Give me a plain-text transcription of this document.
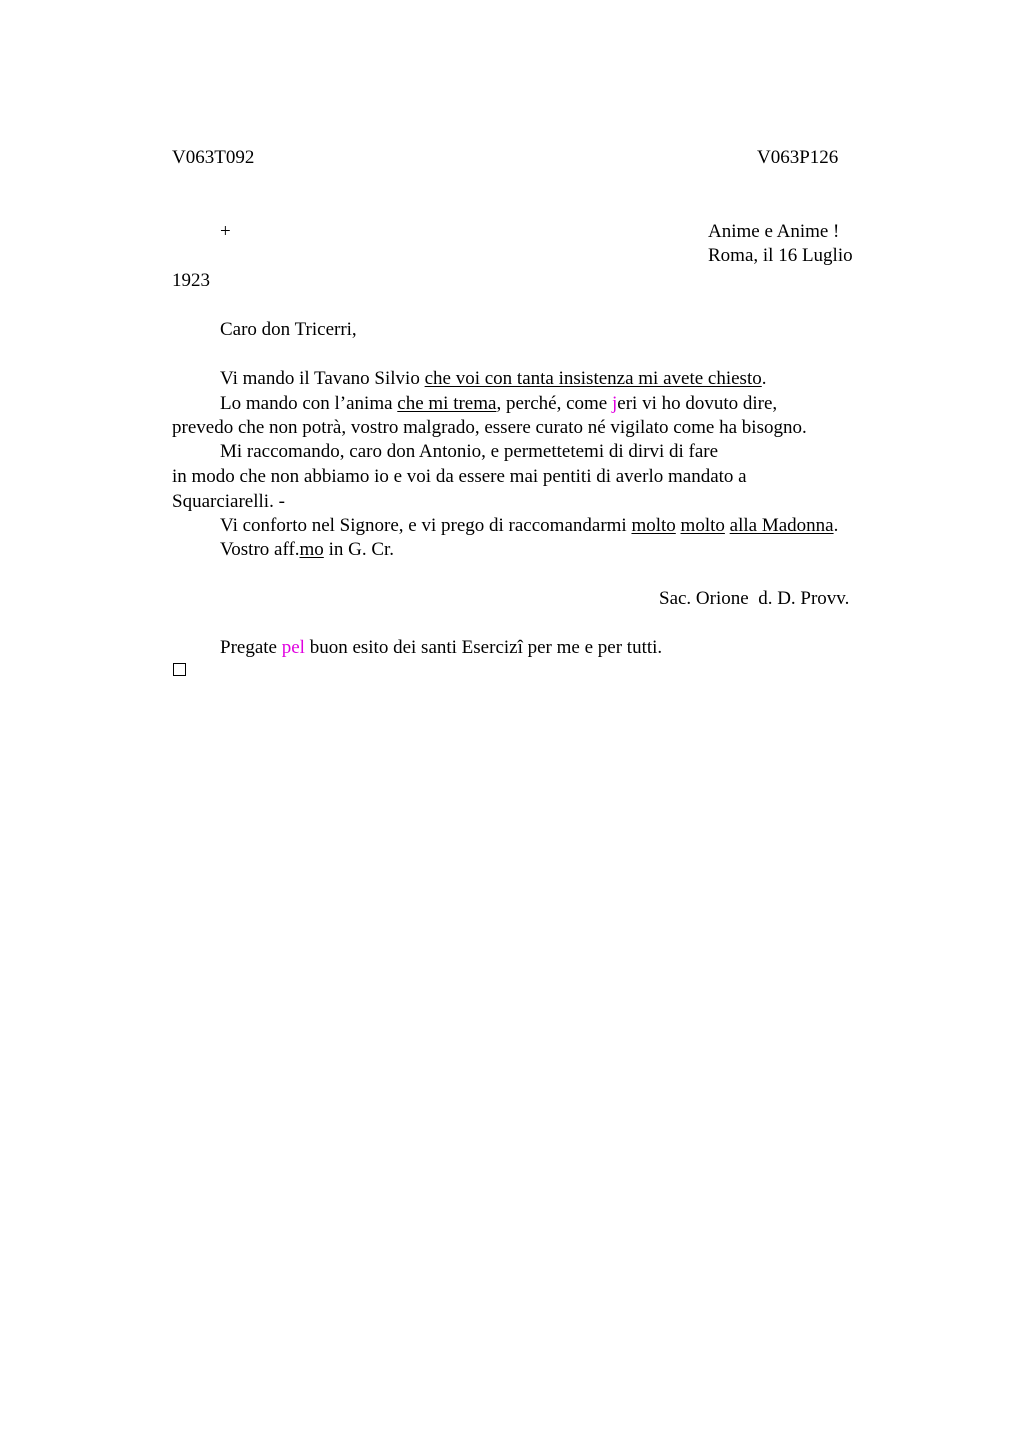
V063T092	V063P126
+	Anime e Anime !
Roma, il 16 Luglio
1923
Caro don Tricerri,
Vi mando il Tavano Silvio che voi con tanta insistenza mi avete chiesto.
Lo mando con l’anima che mi trema, perché, come jeri vi ho dovuto dire,
prevedo che non potrà, vostro malgrado, essere curato né vigilato come ha bisogno.
Mi raccomando, caro don Antonio, e permettetemi di dirvi di fare
in modo che non abbiamo io e voi da essere mai pentiti di averlo mandato a
Squarciarelli. -
Vi conforto nel Signore, e vi prego di raccomandarmi molto molto alla Madonna.
Vostro aff.mo in G. Cr.
Sac. Orione  d. D. Provv.
Pregate pel buon esito dei santi Esercizi per me e per tutti.
